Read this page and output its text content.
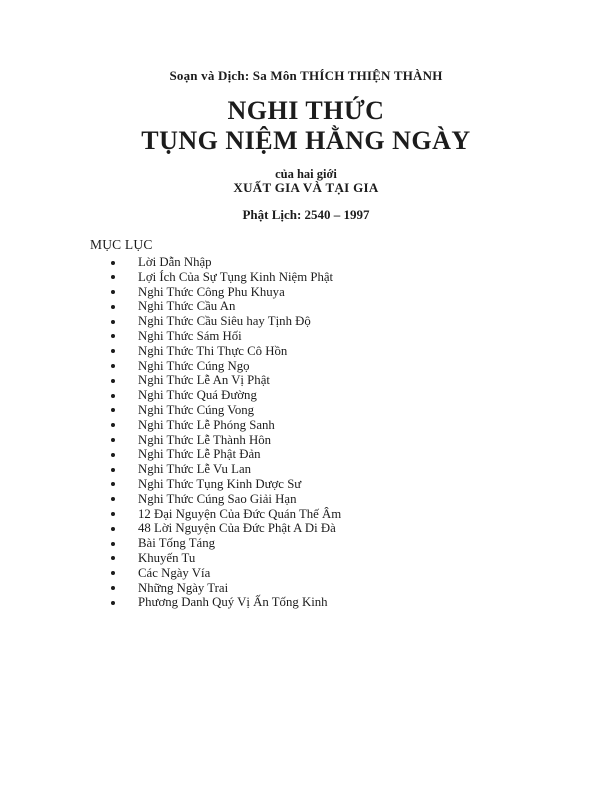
Soạn và Dịch: Sa Môn THÍCH THIỆN THÀNH
NGHI THỨC
TỤNG NIỆM HẰNG NGÀY
của hai giới
XUẤT GIA VÀ TẠI GIA
Phật Lịch: 2540 – 1997
MỤC LỤC
Lời Dẫn Nhập
Lợi Ích Của Sự Tụng Kinh Niệm Phật
Nghi Thức Công Phu Khuya
Nghi Thức Cầu An
Nghi Thức Cầu Siêu hay Tịnh Độ
Nghi Thức Sám Hối
Nghi Thức Thi Thực Cô Hồn
Nghi Thức Cúng Ngọ
Nghi Thức Lễ An Vị Phật
Nghi Thức Quá Đường
Nghi Thức Cúng Vong
Nghi Thức Lễ Phóng Sanh
Nghi Thức Lễ Thành Hôn
Nghi Thức Lễ Phật Đản
Nghi Thức Lễ Vu Lan
Nghi Thức Tụng Kinh Dược Sư
Nghi Thức Cúng Sao Giải Hạn
12 Đại Nguyện Của Đức Quán Thế Âm
48 Lời Nguyện Của Đức Phật A Di Đà
Bài Tống Táng
Khuyến Tu
Các Ngày Vía
Những Ngày Trai
Phương Danh Quý Vị Ấn Tống Kinh
